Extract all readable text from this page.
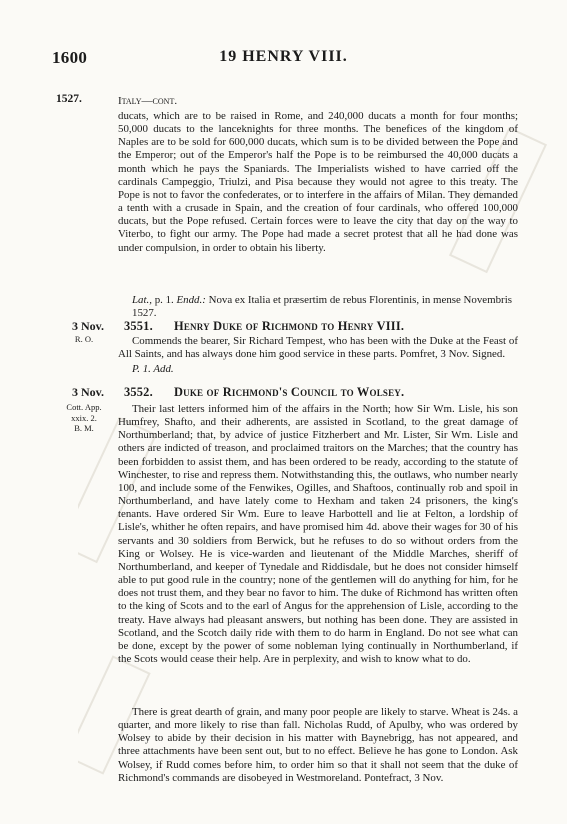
1600	19 HENRY VIII.
1527.	Italy—cont.

ducats, which are to be raised in Rome, and 240,000 ducats a month for four months; 50,000 ducats to the lanceknights for three months. The benefices of the kingdom of Naples are to be sold for 600,000 ducats, which sum is to be divided between the Pope and the Emperor; out of the Emperor's half the Pope is to be reimbursed the 40,000 ducats a month which he pays the Spaniards. The Imperialists wished to have carried off the cardinals Campeggio, Triulzi, and Pisa because they would not agree to this treaty. The Pope is not to favor the confederates, or to interfere in the affairs of Milan. They demanded a tenth with a crusade in Spain, and the creation of four cardinals, who offered 100,000 ducats, but the Pope refused. Certain forces were to leave the city that day on the way to Viterbo, to fight our army. The Pope had made a secret protest that all he had done was under compulsion, in order to obtain his liberty.

Lat., p. 1. Endd.: Nova ex Italia et præsertim de rebus Florentinis, in mense Novembris 1527.

3 Nov.
R. O.
3551. Henry Duke of Richmond to Henry VIII.

Commends the bearer, Sir Richard Tempest, who has been with the Duke at the Feast of All Saints, and has always done him good service in these parts. Pomfret, 3 Nov. Signed.

P. 1. Add.

3 Nov.
Cott. App.
xxix. 2.
B. M.
3552. Duke of Richmond's Council to Wolsey.

Their last letters informed him of the affairs in the North; how Sir Wm. Lisle, his son Humfrey, Shafto, and their adherents, are assisted in Scotland, to the great damage of Northumberland; that, by advice of justice Fitzherbert and Mr. Lister, Sir Wm. Lisle and others are indicted of treason, and proclaimed traitors on the Marches; that the country has been forbidden to assist them, and has been ordered to be ready, according to the statute of Winchester, to rise and repress them. Notwithstanding this, the outlaws, who number nearly 100, and include some of the Fenwikes, Ogilles, and Shaftoos, continually rob and spoil in Northumberland, and have lately come to Hexham and taken 24 prisoners, the king's tenants. Have ordered Sir Wm. Eure to leave Harbottell and lie at Felton, a lordship of Lisle's, whither he often repairs, and have promised him 4d. above their wages for 30 of his servants and 30 soldiers from Berwick, but he refuses to do so without orders from the King or Wolsey. He is vice-warden and lieutenant of the Middle Marches, sheriff of Northumberland, and keeper of Tynedale and Riddisdale, but he does not consider himself able to put good rule in the country; none of the gentlemen will do anything for him, for he does not trust them, and they bear no favor to him. The duke of Richmond has written often to the king of Scots and to the earl of Angus for the apprehension of Lisle, according to the treaty. Have always had pleasant answers, but nothing has been done. They are assisted in Scotland, and the Scotch daily ride with them to do harm in England. Do not see what can be done, except by the power of some nobleman lying continually in Northumberland, if the Scots would cease their help. Are in perplexity, and wish to know what to do.

There is great dearth of grain, and many poor people are likely to starve. Wheat is 24s. a quarter, and more likely to rise than fall. Nicholas Rudd, of Apulby, who was ordered by Wolsey to abide by their decision in his matter with Baynebrigg, has not appeared, and three attachments have been sent out, but to no effect. Believe he has gone to London. Ask Wolsey, if Rudd comes before him, to order him so that it shall not seem that the duke of Richmond's commands are disobeyed in Westmoreland. Pontefract, 3 Nov.
